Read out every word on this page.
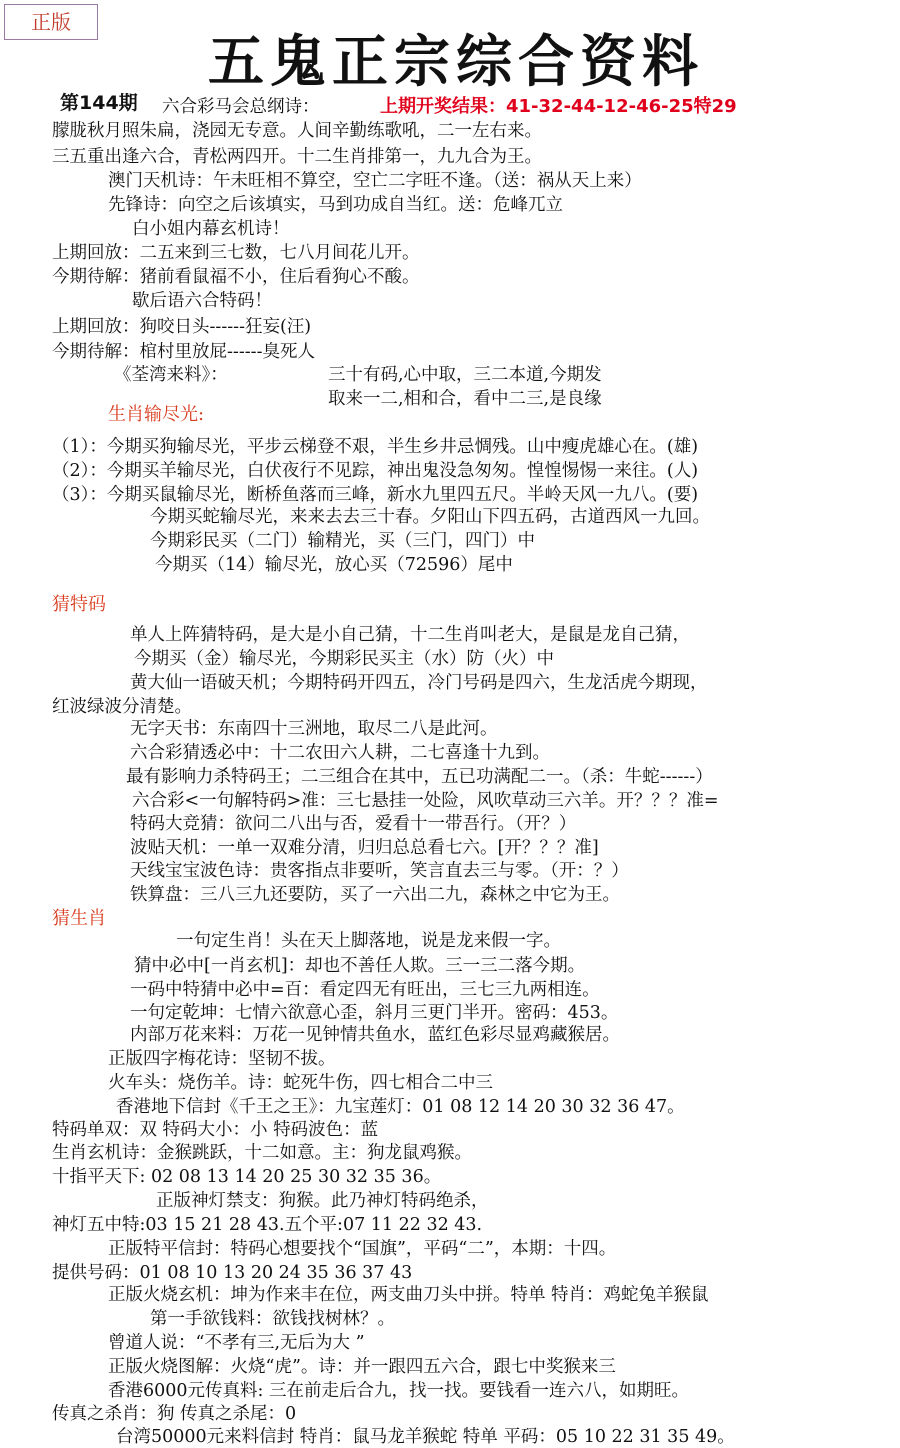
正版
五鬼正宗综合资料
第144期	上期开奖结果：41-32-44-12-46-25特29
六合彩马会总纲诗：
朦胧秋月照朱扁，浇园无专意。人间辛勤练歌吼，二一左右来。
三五重出逢六合，青松两四开。十二生肖排第一，九九合为王。
澳门天机诗：午未旺相不算空，空亡二字旺不逢。（送：祸从天上来）
先锋诗：向空之后该填实，马到功成自当红。送：危峰兀立
白小姐内幕玄机诗！
上期回放：二五来到三七数，七八月间花儿开。
今期待解：猪前看鼠福不小，住后看狗心不酸。
歇后语六合特码！
上期回放：狗咬日头------狂妄(汪)
今期待解：棺村里放屁------臭死人
《荃湾来料》：	三十有码,心中取，三二本道,今期发
取来一二,相和合，看中二三,是良缘
生肖输尽光:
（1）：今期买狗输尽光，平步云梯登不艰，半生乡井忌惆残。山中瘦虎雄心在。(雄)
（2）：今期买羊输尽光，白伏夜行不见踪，神出鬼没急匆匆。惶惶惕惕一来往。(人)
（3）：今期买鼠输尽光，断桥鱼落而三峰，新水九里四五尺。半岭天风一九八。(要)
今期买蛇输尽光，来来去去三十春。夕阳山下四五码，古道西风一九回。
今期彩民买（二门）输精光，买（三门，四门）中
今期买（14）输尽光，放心买（72596）尾中
猜特码
单人上阵猜特码，是大是小自己猜，十二生肖叫老大，是鼠是龙自己猜，
今期买（金）输尽光，今期彩民买主（水）防（火）中
黄大仙一语破天机；今期特码开四五，冷门号码是四六，生龙活虎今期现，
红波绿波分清楚。
无字天书：东南四十三洲地，取尽二八是此河。
六合彩猜透必中：十二农田六人耕，二七喜逢十九到。
最有影响力杀特码王；二三组合在其中，五已功满配二一。（杀：牛蛇------）
六合彩<一句解特码>准：三七悬挂一处险，风吹草动三六羊。开？？？准=
特码大竞猜：欲问二八出与否，爱看十一带吾行。（开？）
波贴天机：一单一双难分清，归归总总看七六。[开？？？准]
天线宝宝波色诗：贵客指点非要听，笑言直去三与零。（开：？）
铁算盘：三八三九还要防，买了一六出二九，森林之中它为王。
猜生肖
一句定生肖！头在天上脚落地，说是龙来假一字。
猜中必中[一肖玄机]：却也不善任人欺。三一三二落今期。
一码中特猜中必中=百：看定四无有旺出，三七三九两相连。
一句定乾坤：七情六欲意心歪，斜月三更门半开。密码：453。
内部万花来料：万花一见钟情共鱼水，蓝红色彩尽显鸡藏猴居。
正版四字梅花诗：坚韧不拔。
火车头：烧伤羊。诗：蛇死牛伤，四七相合二中三
香港地下信封《千王之王》：九宝莲灯：01 08 12 14 20 30 32 36 47。
特码单双：双 特码大小：小 特码波色：蓝
生肖玄机诗：金猴跳跃，十二如意。主：狗龙鼠鸡猴。
十指平天下: 02 08 13 14 20 25 30 32 35 36。
正版神灯禁支：狗猴。此乃神灯特码绝杀，
神灯五中特:03 15 21 28 43.五个平:07 11 22 32 43.
正版特平信封：特码心想要找个“国旗”，平码“二”，本期：十四。
提供号码：01 08 10 13 20 24 35 36 37 43
正版火烧玄机：坤为作来丰在位，两支曲刀头中拼。特单 特肖：鸡蛇兔羊猴鼠
第一手欲钱料：欲钱找树林？。
曾道人说：“不孝有三,无后为大 ”
正版火烧图解：火烧“虎”。诗：并一跟四五六合，跟七中奖猴来三
香港6000元传真料: 三在前走后合九，找一找。要钱看一连六八，如期旺。
传真之杀肖：狗 传真之杀尾：0
台湾50000元来料信封 特肖：鼠马龙羊猴蛇 特单 平码：05 10 22 31 35 49。
